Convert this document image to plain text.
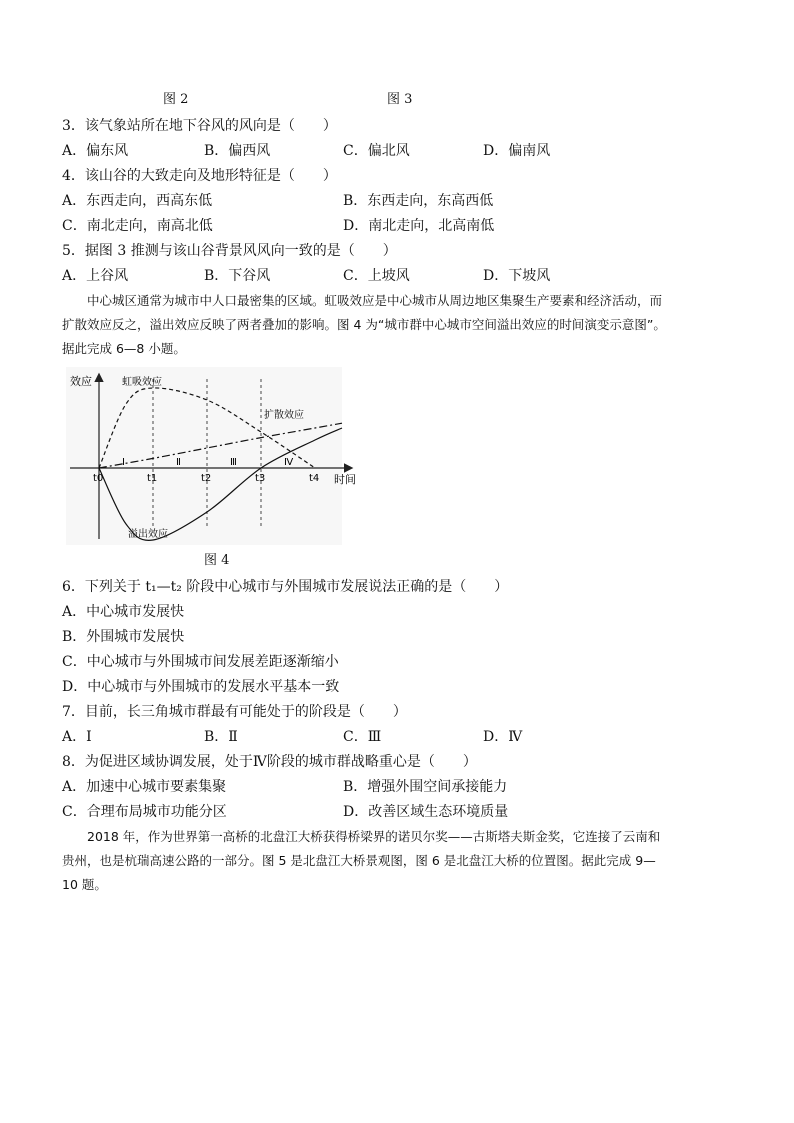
图 2	图 3
3．该气象站所在地下谷风的风向是（　　）
A．偏东风	B．偏西风	C．偏北风	D．偏南风
4．该山谷的大致走向及地形特征是（　　）
A．东西走向，西高东低	B．东西走向，东高西低
C．南北走向，南高北低	D．南北走向，北高南低
5．据图 3 推测与该山谷背景风风向一致的是（　　）
A．上谷风	B．下谷风	C．上坡风	D．下坡风

中心城区通常为城市中人口最密集的区域。虹吸效应是中心城市从周边地区集聚生产要素和经济活动，而

扩散效应反之，溢出效应反映了两者叠加的影响。图 4 为“城市群中心城市空间溢出效应的时间演变示意图”。

据此完成 6—8 小题。

效应
时间
t0	t1	t2	t3	t4
Ⅰ	Ⅱ	Ⅲ	Ⅳ
虹吸效应
扩散效应
溢出效应
图 4
6．下列关于 t₁—t₂ 阶段中心城市与外围城市发展说法正确的是（　　）
A．中心城市发展快
B．外围城市发展快
C．中心城市与外围城市间发展差距逐渐缩小
D．中心城市与外围城市的发展水平基本一致
7．目前，长三角城市群最有可能处于的阶段是（　　）
A．Ⅰ	B．Ⅱ	C．Ⅲ	D．Ⅳ
8．为促进区域协调发展，处于Ⅳ阶段的城市群战略重心是（　　）
A．加速中心城市要素集聚	B．增强外围空间承接能力
C．合理布局城市功能分区	D．改善区域生态环境质量

2018 年，作为世界第一高桥的北盘江大桥获得桥梁界的诺贝尔奖——古斯塔夫斯金奖，它连接了云南和

贵州，也是杭瑞高速公路的一部分。图 5 是北盘江大桥景观图，图 6 是北盘江大桥的位置图。据此完成 9—

10 题。
